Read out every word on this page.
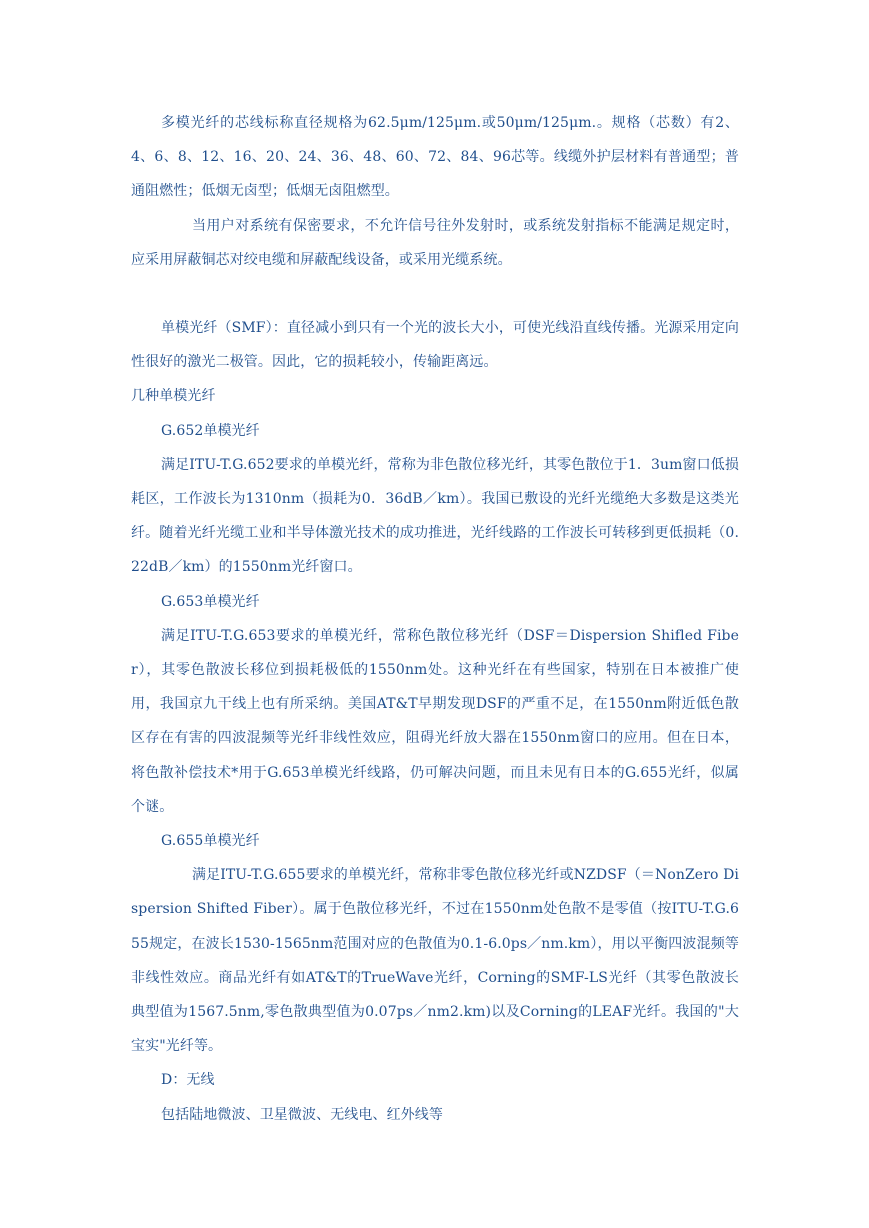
多模光纤的芯线标称直径规格为62.5μm/125μm.或50μm/125μm.。规格（芯数）有2、4、6、8、12、16、20、24、36、48、60、72、84、96芯等。线缆外护层材料有普通型；普通阻燃性；低烟无卤型；低烟无卤阻燃型。

当用户对系统有保密要求，不允许信号往外发射时，或系统发射指标不能满足规定时，应采用屏蔽铜芯对绞电缆和屏蔽配线设备，或采用光缆系统。

单模光纤（SMF）：直径减小到只有一个光的波长大小，可使光线沿直线传播。光源采用定向性很好的激光二极管。因此，它的损耗较小，传输距离远。

几种单模光纤

G.652单模光纤

满足ITU-T.G.652要求的单模光纤，常称为非色散位移光纤，其零色散位于1．3um窗口低损耗区，工作波长为1310nm（损耗为0．36dB／km）。我国已敷设的光纤光缆绝大多数是这类光纤。随着光纤光缆工业和半导体激光技术的成功推进，光纤线路的工作波长可转移到更低损耗（0.22dB／km）的1550nm光纤窗口。

G.653单模光纤

满足ITU-T.G.653要求的单模光纤，常称色散位移光纤（DSF＝Dispersion Shifled Fiber），其零色散波长移位到损耗极低的1550nm处。这种光纤在有些国家，特别在日本被推广使用，我国京九干线上也有所采纳。美国AT&T早期发现DSF的严重不足，在1550nm附近低色散区存在有害的四波混频等光纤非线性效应，阻碍光纤放大器在1550nm窗口的应用。但在日本，将色散补偿技术*用于G.653单模光纤线路，仍可解决问题，而且未见有日本的G.655光纤，似属个谜。

G.655单模光纤

满足ITU-T.G.655要求的单模光纤，常称非零色散位移光纤或NZDSF（＝NonZero Dispersion Shifted Fiber）。属于色散位移光纤，不过在1550nm处色散不是零值（按ITU-T.G.655规定，在波长1530-1565nm范围对应的色散值为0.1-6.0ps／nm.km），用以平衡四波混频等非线性效应。商品光纤有如AT&T的TrueWave光纤，Corning的SMF-LS光纤（其零色散波长典型值为1567.5nm,零色散典型值为0.07ps／nm2.km)以及Corning的LEAF光纤。我国的"大宝实"光纤等。

D：无线

包括陆地微波、卫星微波、无线电、红外线等
